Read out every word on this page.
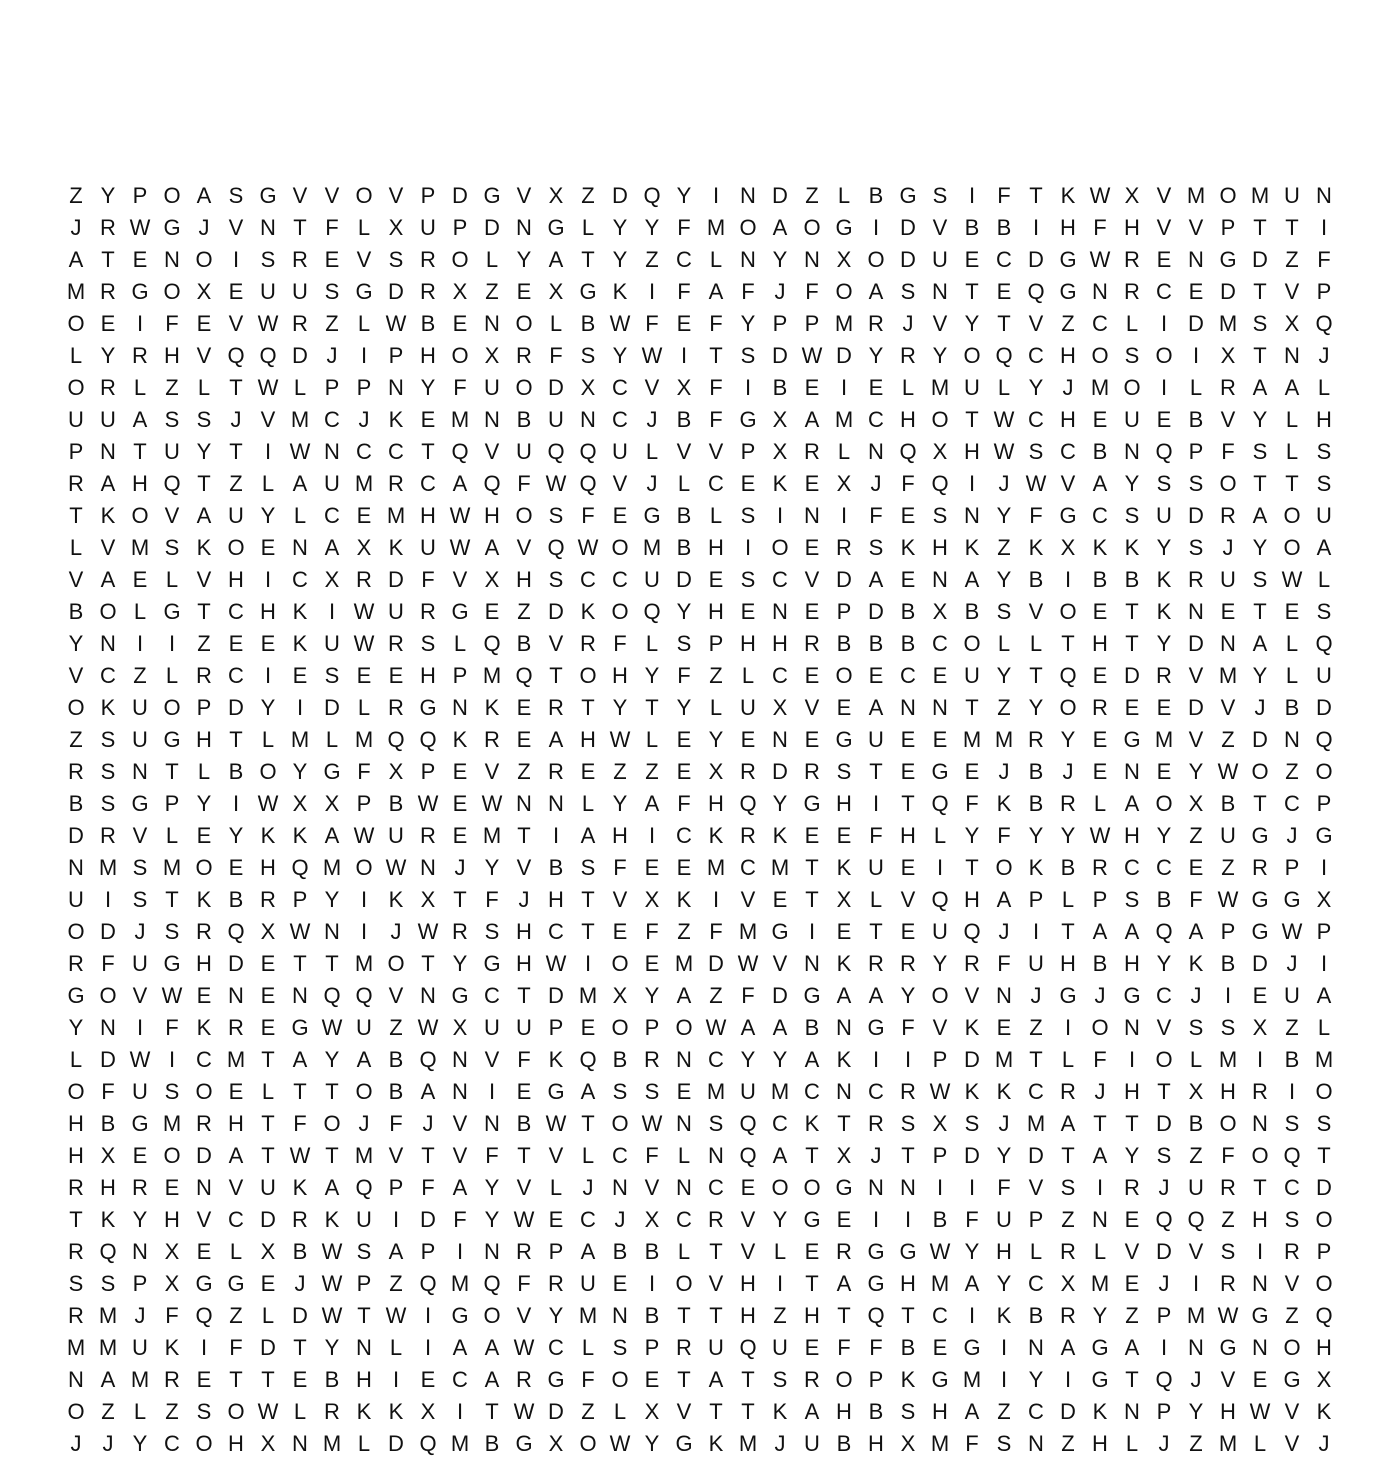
Z Y P O A S G V V O V P D G V X Z D Q Y I N D Z L B G S I	F T K W X V M O M U N
J R W G J V N T F L X U P D N G L Y Y F M O A O G I D V B B I H F H V V P T T	I
A T E N O I S R E V S R O L Y A T Y Z C L N Y N X O D U E C D G W R E N G D Z F
M R G O X E U U S G D R X Z E X G K I	F A F J F O A S N T E Q G N R C E D T V P
O E I	F E V W R Z L W B E N O L B W F E F Y P P M R J V Y T V Z C L	I D M S X Q
L Y R H V Q Q D J	I P H O X R F S Y W I	T S D W D Y R Y O Q C H O S O I X T N J
O R L Z L T W L P P N Y F U O D X C V X F	I B E I E L M U L Y J M O I	L R A A L
U U A S S J V M C J K E M N B U N C J B F G X A M C H O T W C H E U E B V Y L H
P N T U Y T	I W N C C T Q V U Q Q U L V V P X R L N Q X H W S C B N Q P F S L S
R A H Q T Z L A U M R C A Q F W Q V J L C E K E X J F Q I	J W V A Y S S O T T S
T K O V A U Y L C E M H W H O S F E G B L S I N I	F E S N Y F G C S U D R A O U
L V M S K O E N A X K U W A V Q W O M B H I O E R S K H K Z K X K K Y S J Y O A
V A E L V H I C X R D F V X H S C C U D E S C V D A E N A Y B I B B K R U S W L
B O L G T C H K I W U R G E Z D K O Q Y H E N E P D B X B S V O E T K N E T E S
Y N I	I	Z E E K U W R S L Q B V R F L S P H H R B B B C O L L T H T Y D N A L Q
V C Z L R C I E S E E H P M Q T O H Y F Z L C E O E C E U Y T Q E D R V M Y L U
O K U O P D Y I D L R G N K E R T Y T Y L U X V E A N N T Z Y O R E E D V J B D
Z S U G H T L M L M Q Q K R E A H W L E Y E N E G U E E M M R Y E G M V Z D N Q
R S N T L B O Y G F X P E V Z R E Z Z E X R D R S T E G E J B J E N E Y W O Z O
B S G P Y I W X X P B W E W N N L Y A F H Q Y G H I	T Q F K B R L A O X B T C P
D R V L E Y K K A W U R E M T	I A H I C K R K E E F H L Y F Y Y W H Y Z U G J G
N M S M O E H Q M O W N J Y V B S F E E M C M T K U E I	T O K B R C C E Z R P I
U I S T K B R P Y I K X T F J H T V X K I V E T X L V Q H A P L P S B F W G G X
O D J S R Q X W N I	J W R S H C T E F Z F M G I E T E U Q J	I	T A A Q A P G W P
R F U G H D E T T M O T Y G H W I O E M D W V N K R R Y R F U H B H Y K B D J	I
G O V W E N E N Q Q V N G C T D M X Y A Z F D G A A Y O V N J G J G C J	I E U A
Y N I	F K R E G W U Z W X U U P E O P O W A A B N G F V K E Z	I O N V S S X Z L
L D W I C M T A Y A B Q N V F K Q B R N C Y Y A K I	I P D M T L F	I O L M I B M
O F U S O E L T T O B A N I E G A S S E M U M C N C R W K K C R J H T X H R I O
H B G M R H T F O J F J V N B W T O W N S Q C K T R S X S J M A T T D B O N S S
H X E O D A T W T M V T V F T V L C F L N Q A T X J T P D Y D T A Y S Z F O Q T
R H R E N V U K A Q P F A Y V L J N V N C E O O G N N I	I	F V S I R J U R T C D
T K Y H V C D R K U I D F Y W E C J X C R V Y G E I	I B F U P Z N E Q Q Z H S O
R Q N X E L X B W S A P I N R P A B B L T V L E R G G W Y H L R L V D V S I R P
S S P X G G E J W P Z Q M Q F R U E I O V H I	T A G H M A Y C X M E J	I R N V O
R M J F Q Z L D W T W I G O V Y M N B T T H Z H T Q T C I K B R Y Z P M W G Z Q
M M U K I	F D T Y N L	I A A W C L S P R U Q U E F F B E G I N A G A I N G N O H
N A M R E T T E B H I E C A R G F O E T A T S R O P K G M I Y I G T Q J V E G X
O Z L Z S O W L R K K X I	T W D Z L X V T T K A H B S H A Z C D K N P Y H W V K
J J Y C O H X N M L D Q M B G X O W Y G K M J U B H X M F S N Z H L J Z M L V J
